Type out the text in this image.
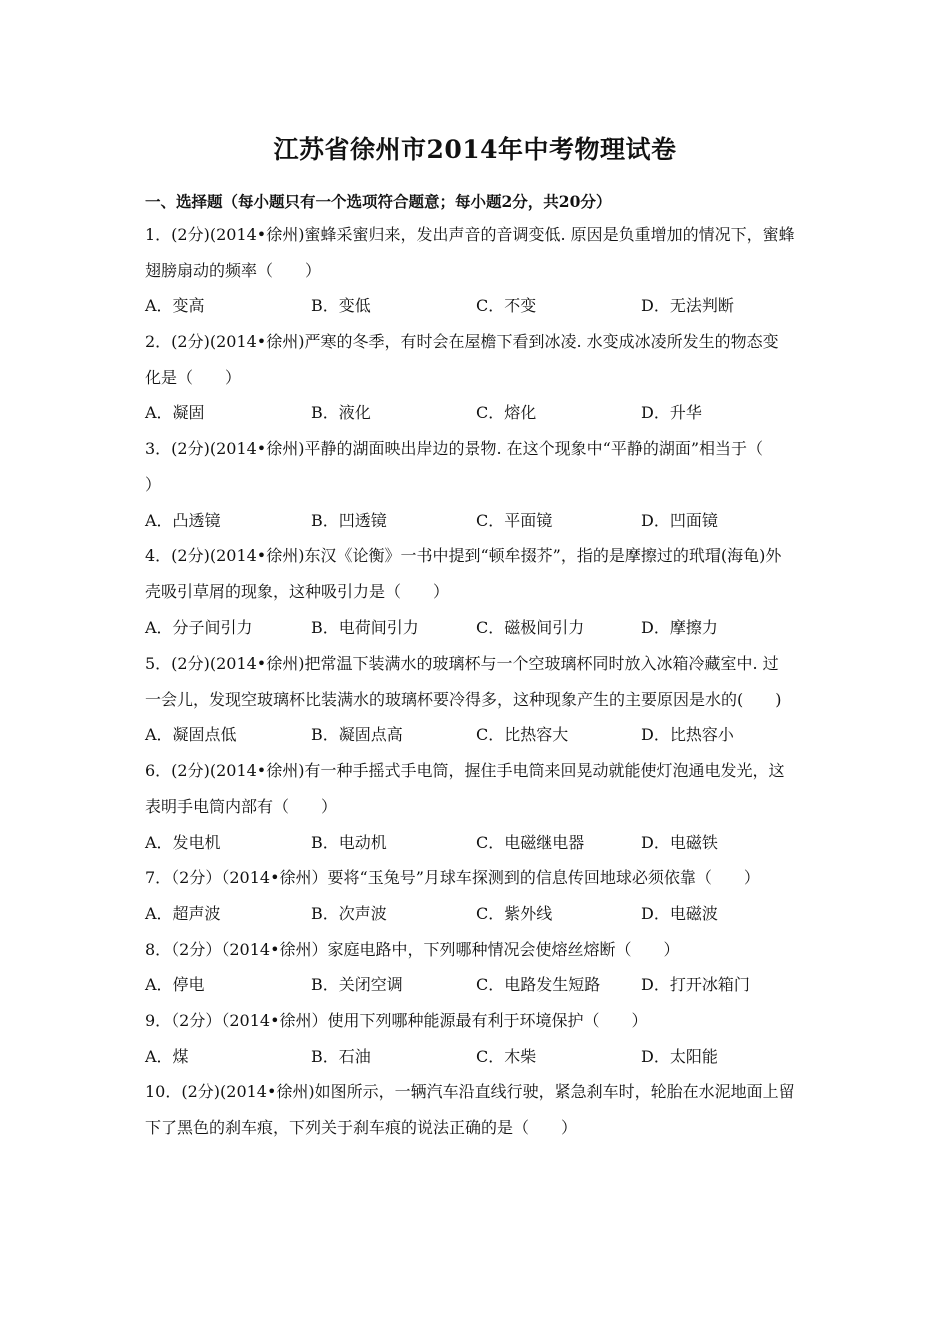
江苏省徐州市2014年中考物理试卷
一、选择题（每小题只有一个选项符合题意；每小题2分，共20分）
1．(2分)(2014•徐州)蜜蜂采蜜归来，发出声音的音调变低. 原因是负重增加的情况下，蜜蜂
翅膀扇动的频率（　　）
A．变高	B．变低	C．不变	D．无法判断
2．(2分)(2014•徐州)严寒的冬季，有时会在屋檐下看到冰凌. 水变成冰凌所发生的物态变
化是（　　）
A．凝固	B．液化	C．熔化	D．升华
3．(2分)(2014•徐州)平静的湖面映出岸边的景物. 在这个现象中“平静的湖面”相当于（
）
A．凸透镜	B．凹透镜	C．平面镜	D．凹面镜
4．(2分)(2014•徐州)东汉《论衡》一书中提到“顿牟掇芥”，指的是摩擦过的玳瑁(海龟)外
壳吸引草屑的现象，这种吸引力是（　　）
A．分子间引力	B．电荷间引力	C．磁极间引力	D．摩擦力
5．(2分)(2014•徐州)把常温下装满水的玻璃杯与一个空玻璃杯同时放入冰箱冷藏室中. 过
一会儿，发现空玻璃杯比装满水的玻璃杯要冷得多，这种现象产生的主要原因是水的(　　)
A．凝固点低	B．凝固点高	C．比热容大	D．比热容小
6．(2分)(2014•徐州)有一种手摇式手电筒，握住手电筒来回晃动就能使灯泡通电发光，这
表明手电筒内部有（　　）
A．发电机	B．电动机	C．电磁继电器	D．电磁铁
7．（2分）（2014•徐州）要将“玉兔号”月球车探测到的信息传回地球必须依靠（　　）
A．超声波	B．次声波	C．紫外线	D．电磁波
8．（2分）（2014•徐州）家庭电路中，下列哪种情况会使熔丝熔断（　　）
A．停电	B．关闭空调	C．电路发生短路	D．打开冰箱门
9．（2分）（2014•徐州）使用下列哪种能源最有利于环境保护（　　）
A．煤	B．石油	C．木柴	D．太阳能
10．(2分)(2014•徐州)如图所示，一辆汽车沿直线行驶，紧急刹车时，轮胎在水泥地面上留
下了黑色的刹车痕，下列关于刹车痕的说法正确的是（　　）
